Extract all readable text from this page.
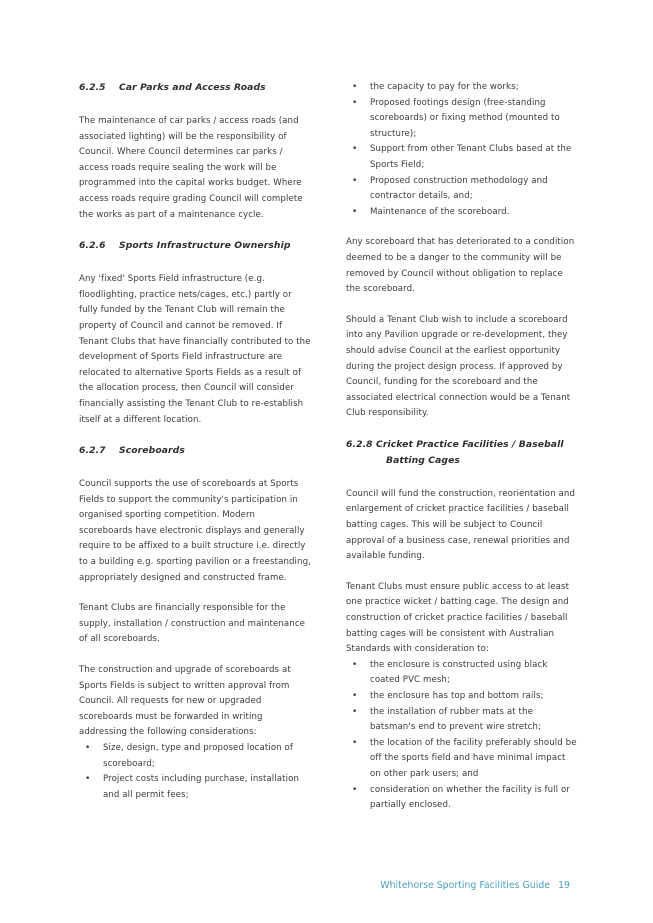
6.2.5 Car Parks and Access Roads

The maintenance of car parks / access roads (and associated lighting) will be the responsibility of Council. Where Council determines car parks / access roads require sealing the work will be programmed into the capital works budget. Where access roads require grading Council will complete the works as part of a maintenance cycle.

6.2.6 Sports Infrastructure Ownership

Any 'fixed' Sports Field infrastructure (e.g. floodlighting, practice nets/cages, etc.) partly or fully funded by the Tenant Club will remain the property of Council and cannot be removed. If Tenant Clubs that have financially contributed to the development of Sports Field infrastructure are relocated to alternative Sports Fields as a result of the allocation process, then Council will consider financially assisting the Tenant Club to re-establish itself at a different location.

6.2.7 Scoreboards

Council supports the use of scoreboards at Sports Fields to support the community's participation in organised sporting competition. Modern scoreboards have electronic displays and generally require to be affixed to a built structure i.e. directly to a building e.g. sporting pavilion or a freestanding, appropriately designed and constructed frame.

Tenant Clubs are financially responsible for the supply, installation / construction and maintenance of all scoreboards.

The construction and upgrade of scoreboards at Sports Fields is subject to written approval from Council. All requests for new or upgraded scoreboards must be forwarded in writing addressing the following considerations:

• Size, design, type and proposed location of scoreboard;
• Project costs including purchase, installation and all permit fees;
• the capacity to pay for the works;
• Proposed footings design (free-standing scoreboards) or fixing method (mounted to structure);
• Support from other Tenant Clubs based at the Sports Field;
• Proposed construction methodology and contractor details, and;
• Maintenance of the scoreboard.

Any scoreboard that has deteriorated to a condition deemed to be a danger to the community will be removed by Council without obligation to replace the scoreboard.

Should a Tenant Club wish to include a scoreboard into any Pavilion upgrade or re-development, they should advise Council at the earliest opportunity during the project design process. If approved by Council, funding for the scoreboard and the associated electrical connection would be a Tenant Club responsibility.

6.2.8 Cricket Practice Facilities / Baseball
Batting Cages

Council will fund the construction, reorientation and enlargement of cricket practice facilities / baseball batting cages. This will be subject to Council approval of a business case, renewal priorities and available funding.

Tenant Clubs must ensure public access to at least one practice wicket / batting cage. The design and construction of cricket practice facilities / baseball batting cages will be consistent with Australian Standards with consideration to:

• the enclosure is constructed using black coated PVC mesh;
• the enclosure has top and bottom rails;
• the installation of rubber mats at the batsman's end to prevent wire stretch;
• the location of the facility preferably should be off the sports field and have minimal impact on other park users; and
• consideration on whether the facility is full or partially enclosed.
Whitehorse Sporting Facilities Guide 19
